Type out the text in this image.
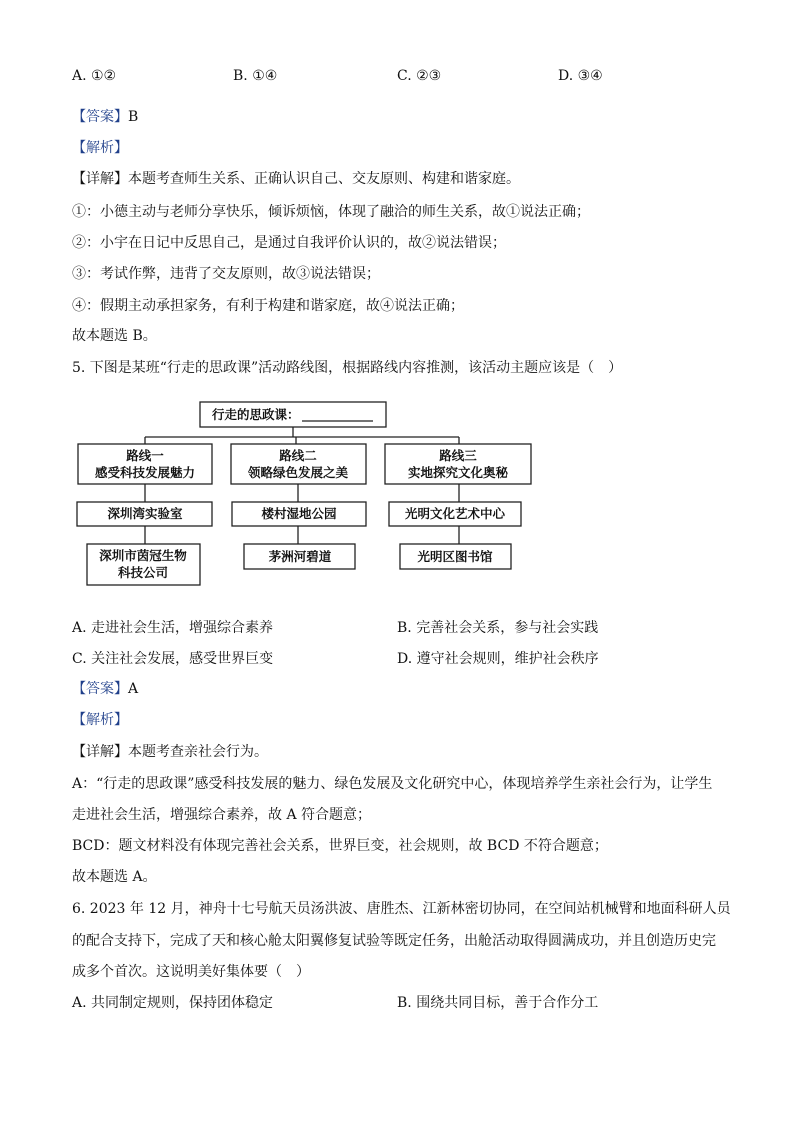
A. ①②	B. ①④	C. ②③	D. ③④
【答案】B
【解析】
【详解】本题考查师生关系、正确认识自己、交友原则、构建和谐家庭。
①：小德主动与老师分享快乐，倾诉烦恼，体现了融洽的师生关系，故①说法正确；
②：小宇在日记中反思自己，是通过自我评价认识的，故②说法错误；
③：考试作弊，违背了交友原则，故③说法错误；
④：假期主动承担家务，有利于构建和谐家庭，故④说法正确；
故本题选 B。
5. 下图是某班“行走的思政课”活动路线图，根据路线内容推测，该活动主题应该是（　）
行走的思政课：
路线一
感受科技发展魅力
深圳湾实验室
深圳市茵冠生物
科技公司
路线二
领略绿色发展之美
楼村湿地公园
茅洲河碧道
路线三
实地探究文化奥秘
光明文化艺术中心
光明区图书馆
A. 走进社会生活，增强综合素养	B. 完善社会关系，参与社会实践
C. 关注社会发展，感受世界巨变	D. 遵守社会规则，维护社会秩序
【答案】A
【解析】
【详解】本题考查亲社会行为。
A：“行走的思政课”感受科技发展的魅力、绿色发展及文化研究中心，体现培养学生亲社会行为，让学生
走进社会生活，增强综合素养，故 A 符合题意；
BCD：题文材料没有体现完善社会关系，世界巨变，社会规则，故 BCD 不符合题意；
故本题选 A。
6. 2023 年 12 月，神舟十七号航天员汤洪波、唐胜杰、江新林密切协同，在空间站机械臂和地面科研人员
的配合支持下，完成了天和核心舱太阳翼修复试验等既定任务，出舱活动取得圆满成功，并且创造历史完
成多个首次。这说明美好集体要（　）
A. 共同制定规则，保持团体稳定	B. 围绕共同目标，善于合作分工
